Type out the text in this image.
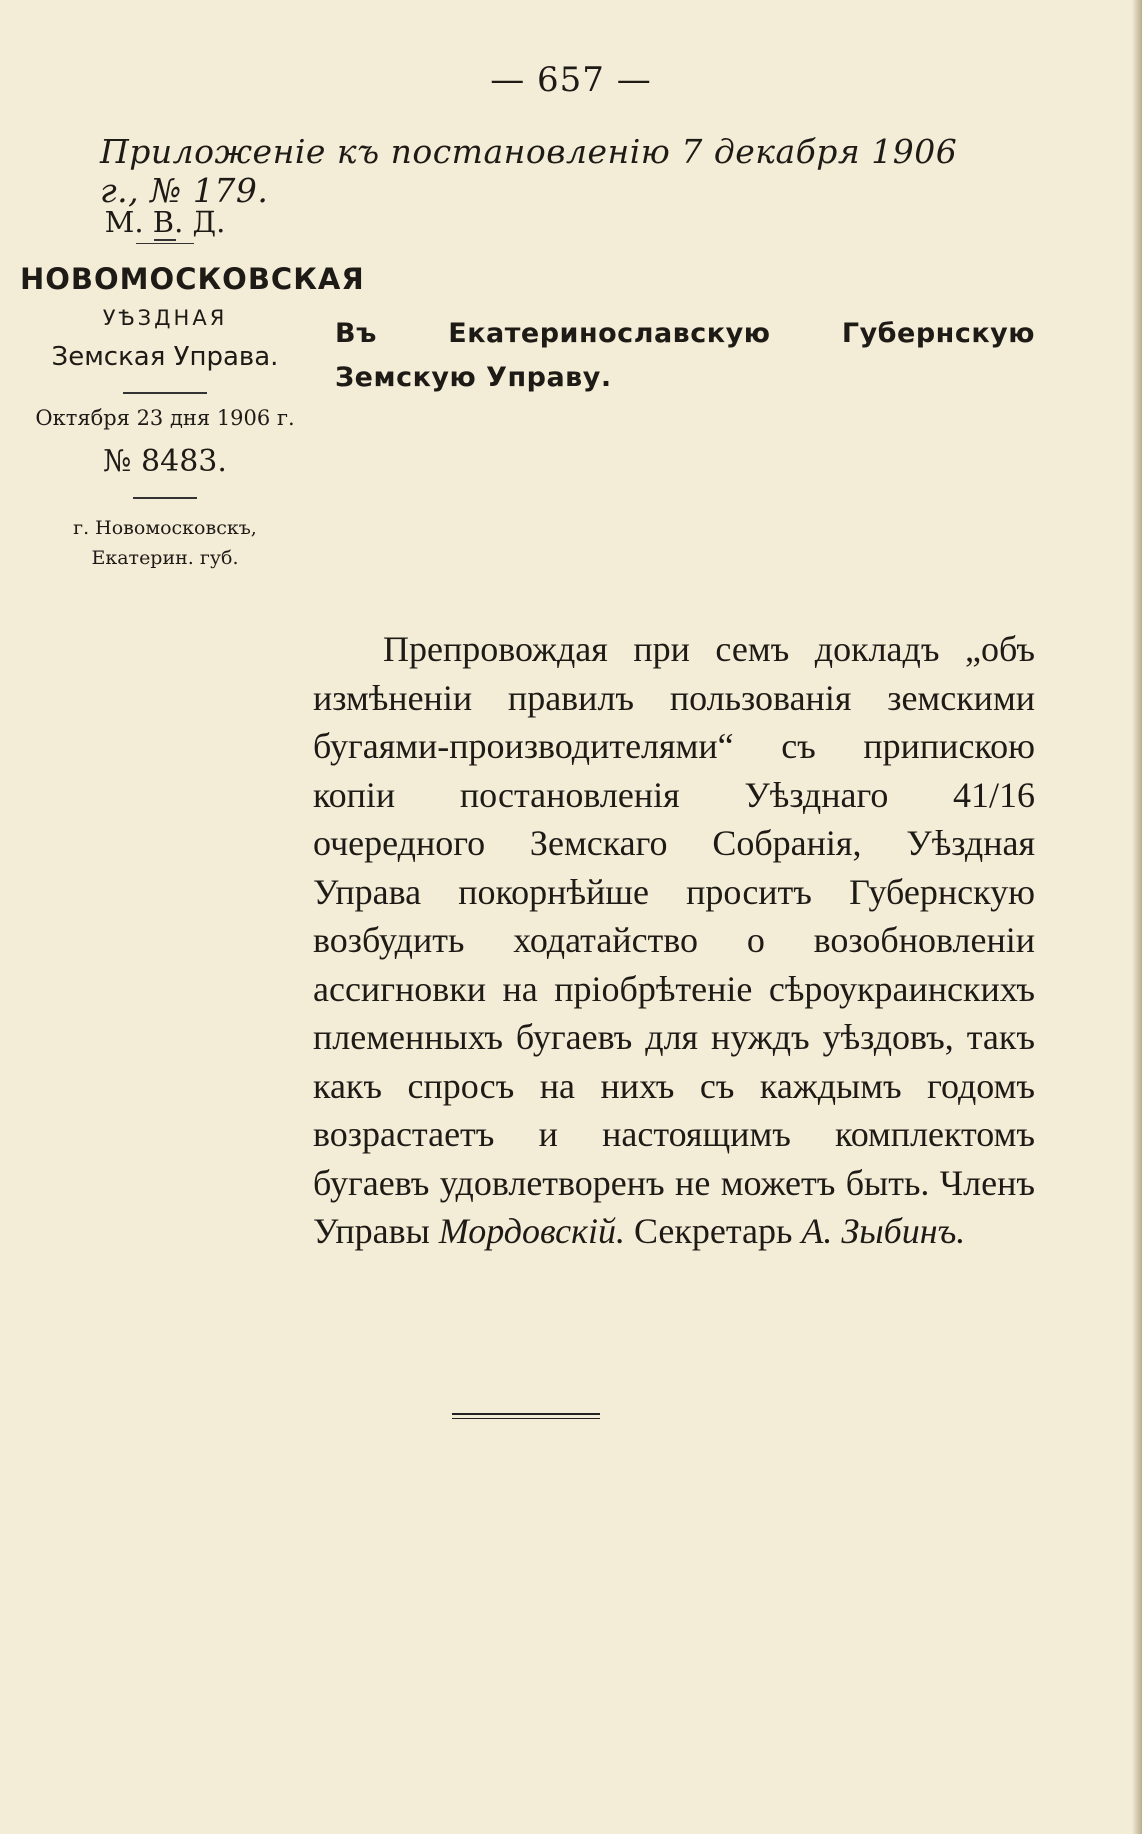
— 657 —
Приложеніе къ постановленію 7 декабря 1906 г., № 179.
М. В. Д.
НОВОМОСКОВСКАЯ
УѢЗДНАЯ
Земская Управа.
Октября 23 дня 1906 г.
№ 8483.
г. Новомосковскъ,
Екатерин. губ.
Въ Екатеринославскую Губернскую Земскую Управу.
Препровождая при семъ докладъ „объ измѣненіи правилъ пользованія земскими бугаями-производителями“ съ припискою копіи постановленія Уѣзднаго 41/16 очередного Земскаго Собранія, Уѣздная Управа покорнѣйше проситъ Губернскую возбудить ходатайство о возобновленіи ассигновки на пріобрѣтеніе сѣроукраинскихъ племенныхъ бугаевъ для нуждъ уѣздовъ, такъ какъ спросъ на нихъ съ каждымъ годомъ возрастаетъ и настоящимъ комплектомъ бугаевъ удовлетворенъ не можетъ быть. Членъ Управы Мордовскій. Секретарь А. Зыбинъ.
